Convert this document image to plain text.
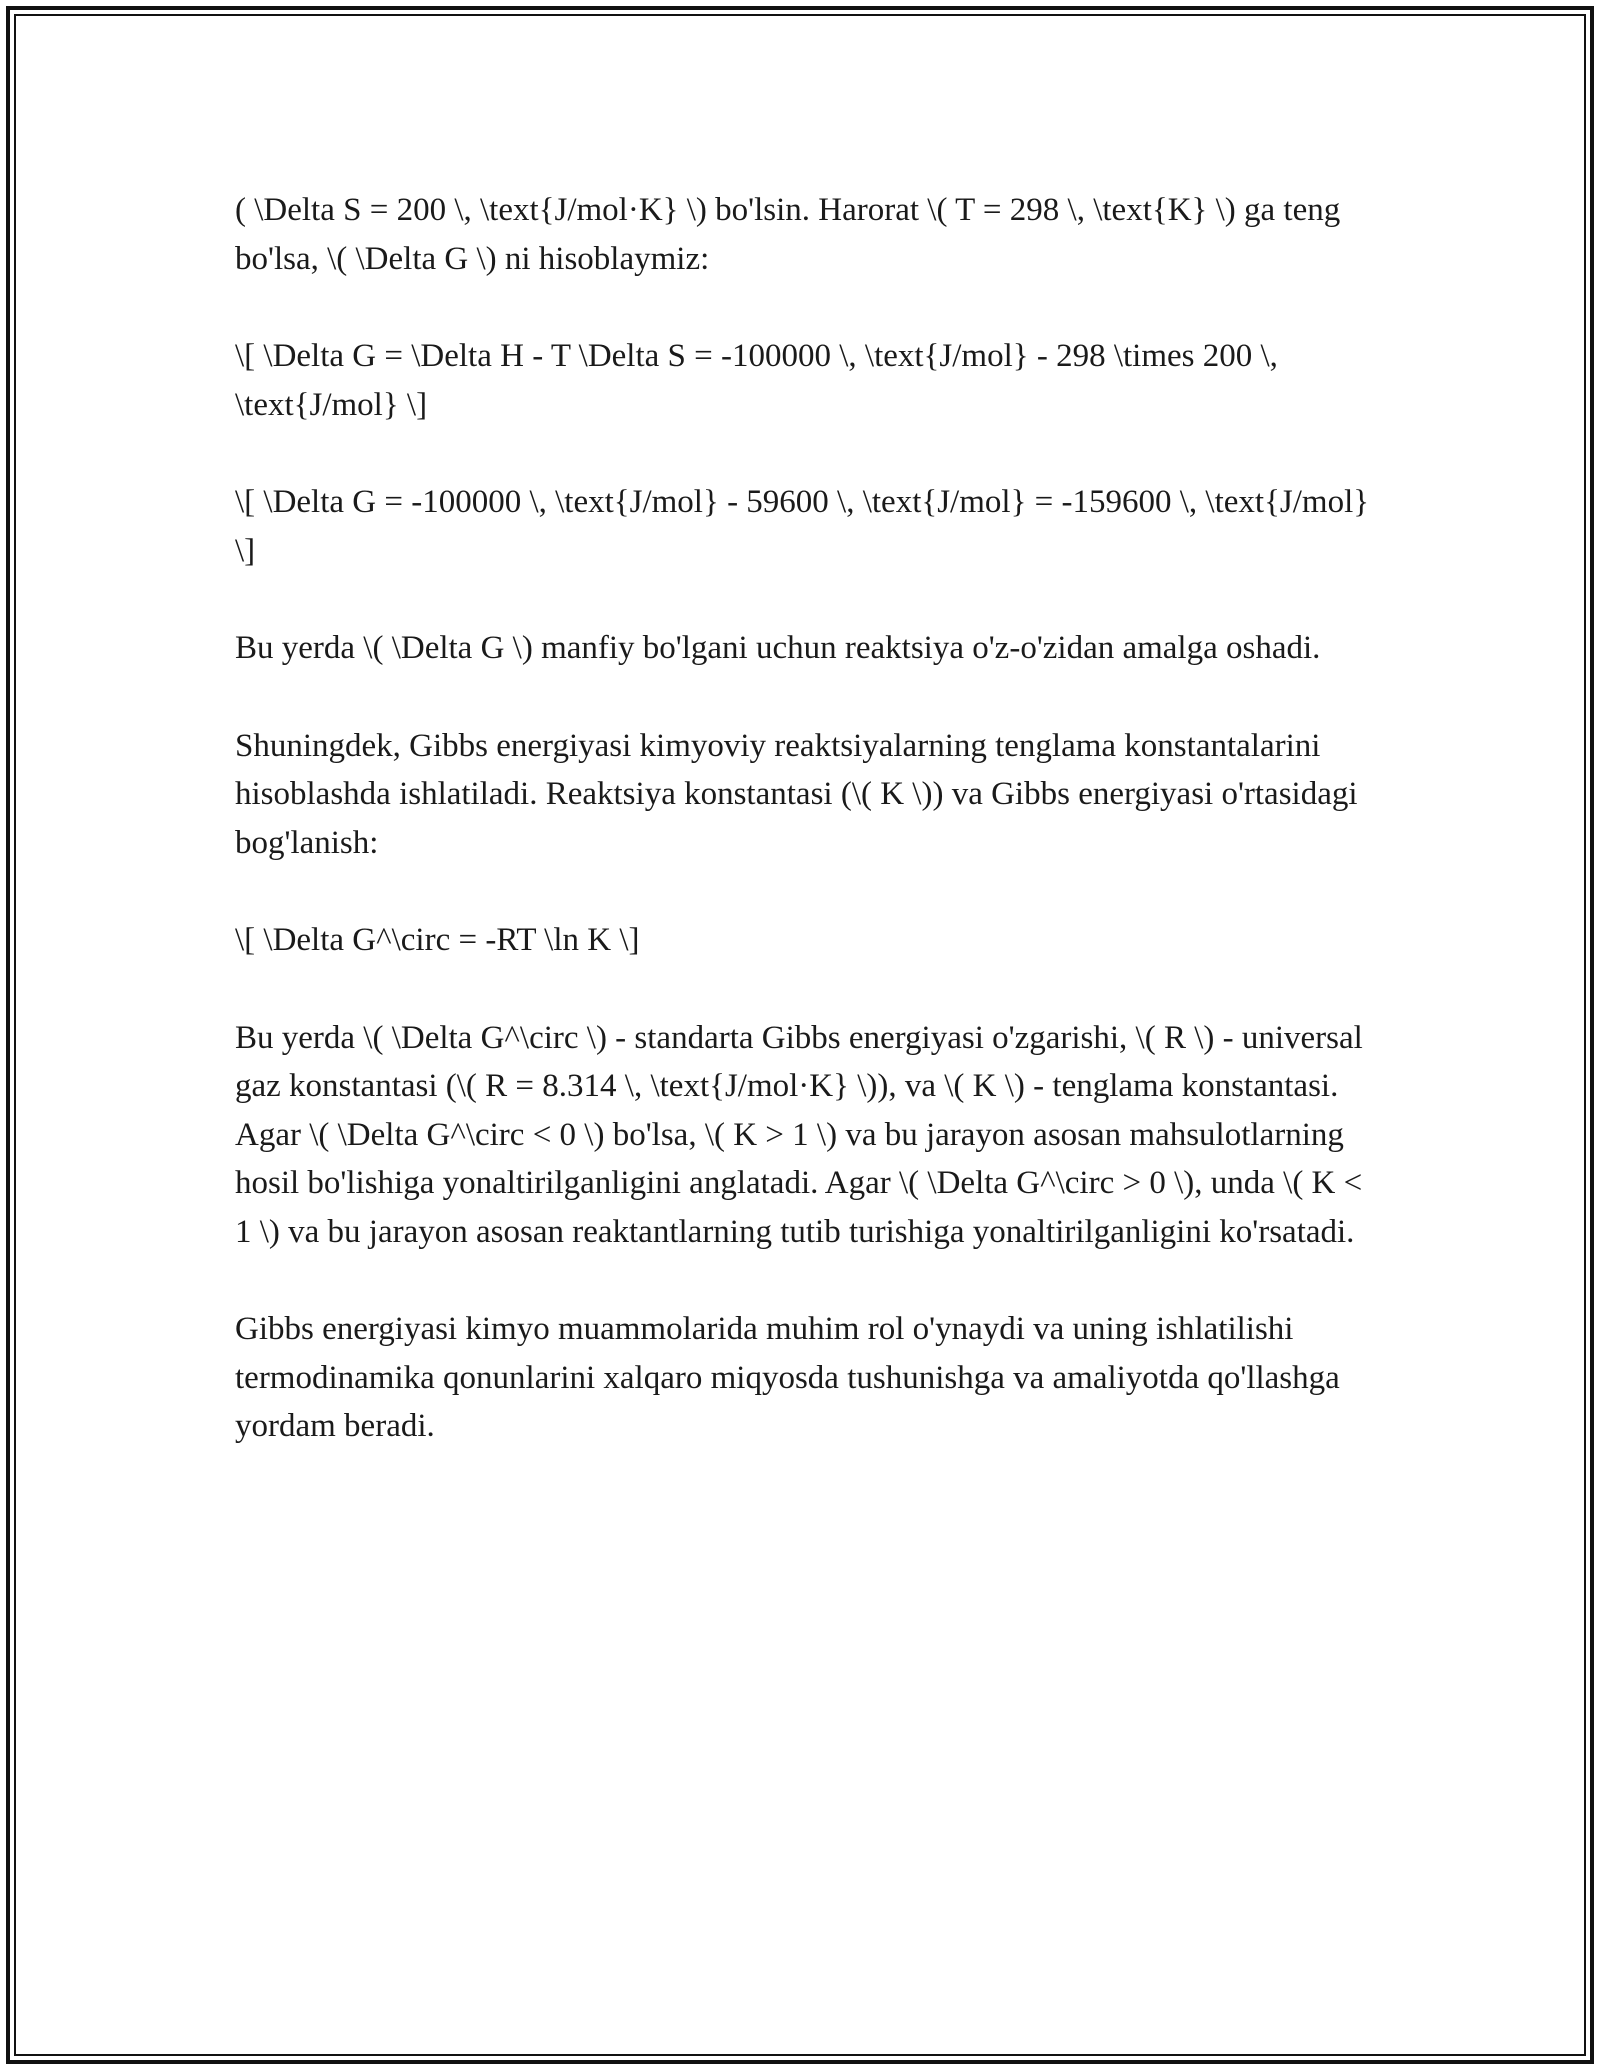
( \Delta S = 200 \, \text{J/mol·K} \) bo'lsin. Harorat \( T = 298 \, \text{K} \) ga teng bo'lsa, \( \Delta G \) ni hisoblaymiz:

\[ \Delta G = \Delta H - T \Delta S = -100000 \, \text{J/mol} - 298 \times 200 \, \text{J/mol} \]

\[ \Delta G = -100000 \, \text{J/mol} - 59600 \, \text{J/mol} = -159600 \, \text{J/mol} \]

Bu yerda \( \Delta G \) manfiy bo'lgani uchun reaktsiya o'z-o'zidan amalga oshadi.

Shuningdek, Gibbs energiyasi kimyoviy reaktsiyalarning tenglama konstantalarini hisoblashda ishlatiladi. Reaktsiya konstantasi (\( K \)) va Gibbs energiyasi o'rtasidagi bog'lanish:

\[ \Delta G^\circ = -RT \ln K \]

Bu yerda \( \Delta G^\circ \) - standarta Gibbs energiyasi o'zgarishi, \( R \) - universal gaz konstantasi (\( R = 8.314 \, \text{J/mol·K} \)), va \( K \) - tenglama konstantasi. Agar \( \Delta G^\circ < 0 \) bo'lsa, \( K > 1 \) va bu jarayon asosan mahsulotlarning hosil bo'lishiga yonaltirilganligini anglatadi. Agar \( \Delta G^\circ > 0 \), unda \( K < 1 \) va bu jarayon asosan reaktantlarning tutib turishiga yonaltirilganligini ko'rsatadi.

Gibbs energiyasi kimyo muammolarida muhim rol o'ynaydi va uning ishlatilishi termodinamika qonunlarini xalqaro miqyosda tushunishga va amaliyotda qo'llashga yordam beradi.
